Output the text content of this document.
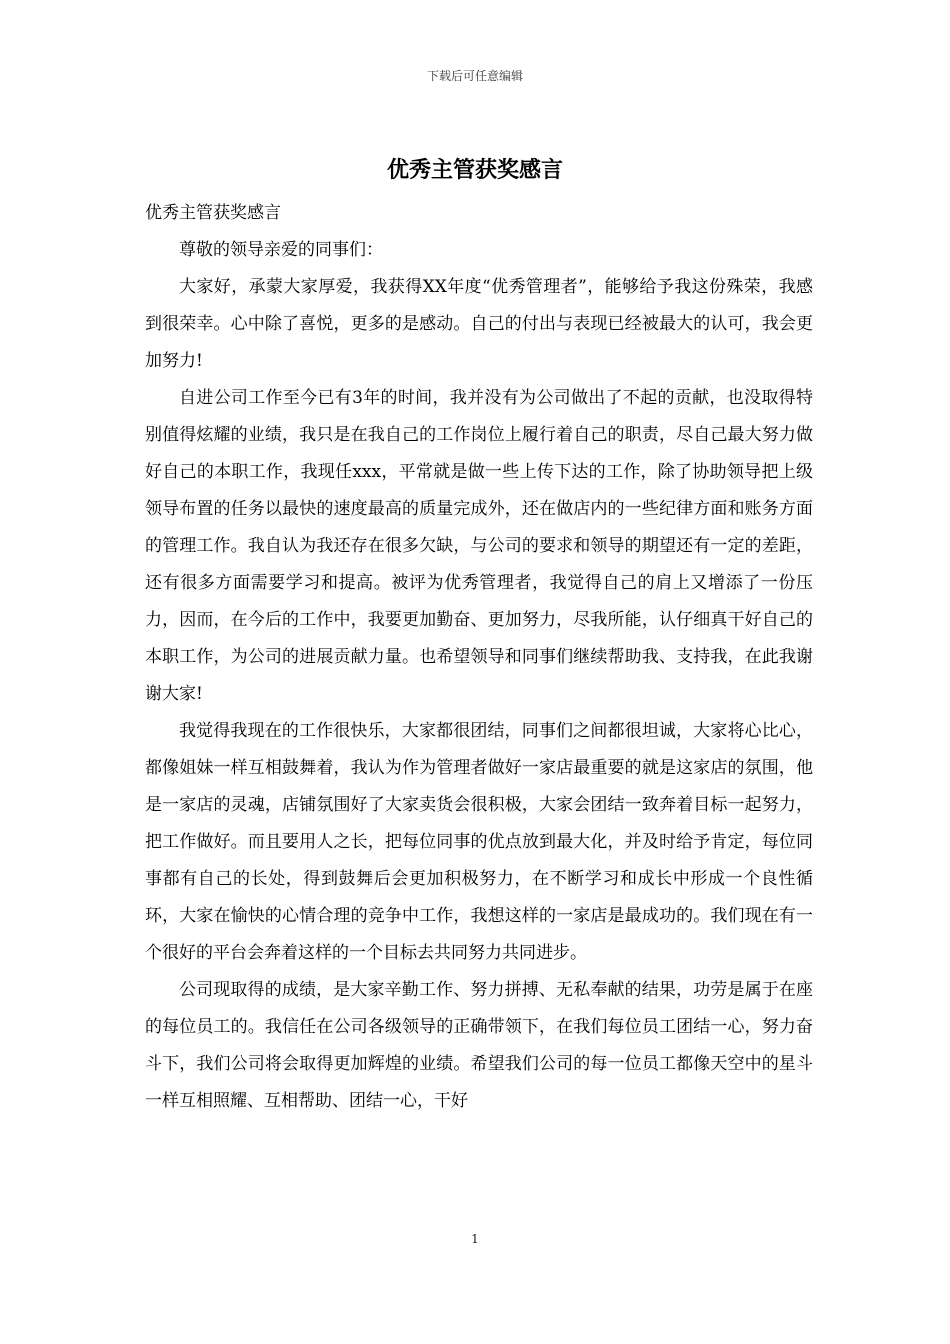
下载后可任意编辑
优秀主管获奖感言

优秀主管获奖感言

尊敬的领导亲爱的同事们：

大家好，承蒙大家厚爱，我获得XX年度“优秀管理者”，能够给予我这份殊荣，我感到很荣幸。心中除了喜悦，更多的是感动。自己的付出与表现已经被最大的认可，我会更加努力!

自进公司工作至今已有3年的时间，我并没有为公司做出了不起的贡献，也没取得特别值得炫耀的业绩，我只是在我自己的工作岗位上履行着自己的职责，尽自己最大努力做好自己的本职工作，我现任xxx，平常就是做一些上传下达的工作，除了协助领导把上级领导布置的任务以最快的速度最高的质量完成外，还在做店内的一些纪律方面和账务方面的管理工作。我自认为我还存在很多欠缺，与公司的要求和领导的期望还有一定的差距，还有很多方面需要学习和提高。被评为优秀管理者，我觉得自己的肩上又增添了一份压力，因而，在今后的工作中，我要更加勤奋、更加努力，尽我所能，认仔细真干好自己的本职工作，为公司的进展贡献力量。也希望领导和同事们继续帮助我、支持我，在此我谢谢大家!

我觉得我现在的工作很快乐，大家都很团结，同事们之间都很坦诚，大家将心比心，都像姐妹一样互相鼓舞着，我认为作为管理者做好一家店最重要的就是这家店的氛围，他是一家店的灵魂，店铺氛围好了大家卖货会很积极，大家会团结一致奔着目标一起努力，把工作做好。而且要用人之长，把每位同事的优点放到最大化，并及时给予肯定，每位同事都有自己的长处，得到鼓舞后会更加积极努力，在不断学习和成长中形成一个良性循环，大家在愉快的心情合理的竞争中工作，我想这样的一家店是最成功的。我们现在有一个很好的平台会奔着这样的一个目标去共同努力共同进步。

公司现取得的成绩，是大家辛勤工作、努力拼搏、无私奉献的结果，功劳是属于在座的每位员工的。我信任在公司各级领导的正确带领下，在我们每位员工团结一心，努力奋斗下，我们公司将会取得更加辉煌的业绩。希望我们公司的每一位员工都像天空中的星斗一样互相照耀、互相帮助、团结一心，干好

1
